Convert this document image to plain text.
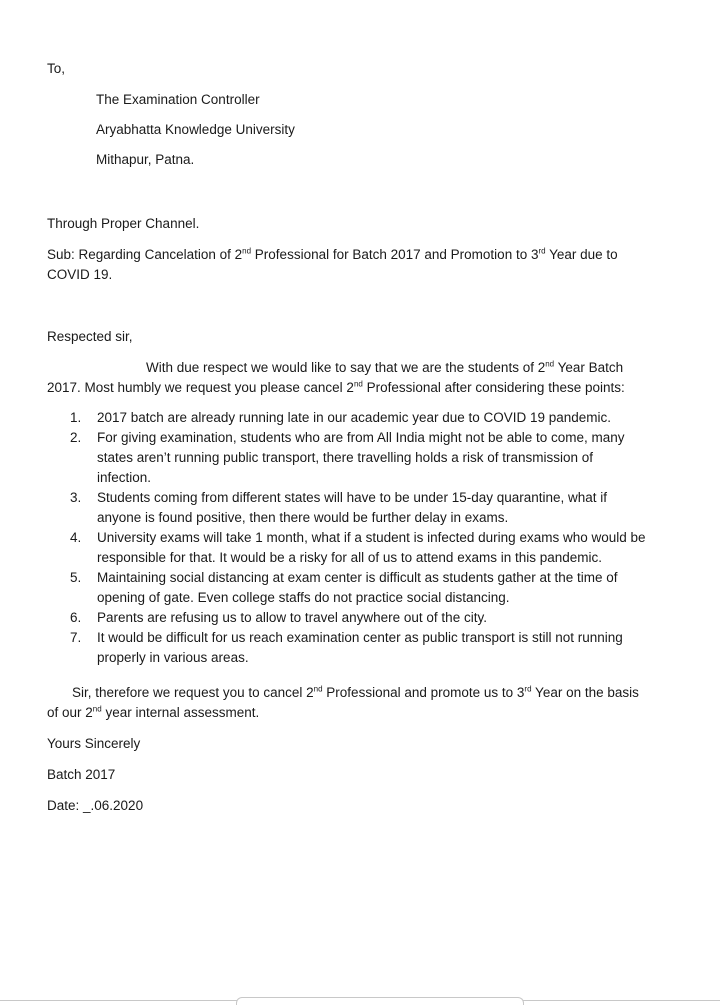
To,
The Examination Controller
Aryabhatta Knowledge University
Mithapur, Patna.
Through Proper Channel.
Sub: Regarding Cancelation of 2nd Professional for Batch 2017 and Promotion to 3rd Year due to
COVID 19.
Respected sir,
With due respect we would like to say that we are the students of 2nd Year Batch
2017. Most humbly we request you please cancel 2nd Professional after considering these points:
1. 2017 batch are already running late in our academic year due to COVID 19 pandemic.
2. For giving examination, students who are from All India might not be able to come, many
states aren’t running public transport, there travelling holds a risk of transmission of
infection.
3. Students coming from different states will have to be under 15-day quarantine, what if
anyone is found positive, then there would be further delay in exams.
4. University exams will take 1 month, what if a student is infected during exams who would be
responsible for that. It would be a risky for all of us to attend exams in this pandemic.
5. Maintaining social distancing at exam center is difficult as students gather at the time of
opening of gate. Even college staffs do not practice social distancing.
6. Parents are refusing us to allow to travel anywhere out of the city.
7. It would be difficult for us reach examination center as public transport is still not running
properly in various areas.
Sir, therefore we request you to cancel 2nd Professional and promote us to 3rd Year on the basis
of our 2nd year internal assessment.
Yours Sincerely
Batch 2017
Date: _.06.2020
